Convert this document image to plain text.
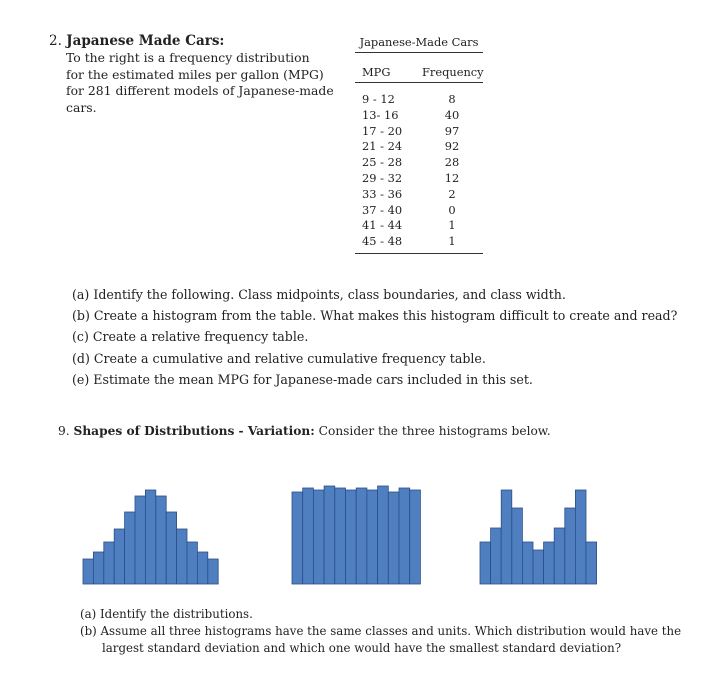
2. Japanese Made Cars:
To the right is a frequency distribution
for the estimated miles per gallon (MPG)
for 281 different models of Japanese-made
cars.
Japanese-Made Cars
MPG	Frequency
9 - 12	8
13- 16	40
17 - 20	97
21 - 24	92
25 - 28	28
29 - 32	12
33 - 36	2
37 - 40	0
41 - 44	1
45 - 48	1
(a) Identify the following. Class midpoints, class boundaries, and class width.
(b) Create a histogram from the table. What makes this histogram difficult to create and read?
(c) Create a relative frequency table.
(d) Create a cumulative and relative cumulative frequency table.
(e) Estimate the mean MPG for Japanese-made cars included in this set.
9. Shapes of Distributions - Variation: Consider the three histograms below.
(a) Identify the distributions.
(b) Assume all three histograms have the same classes and units. Which distribution would have the
largest standard deviation and which one would have the smallest standard deviation?
